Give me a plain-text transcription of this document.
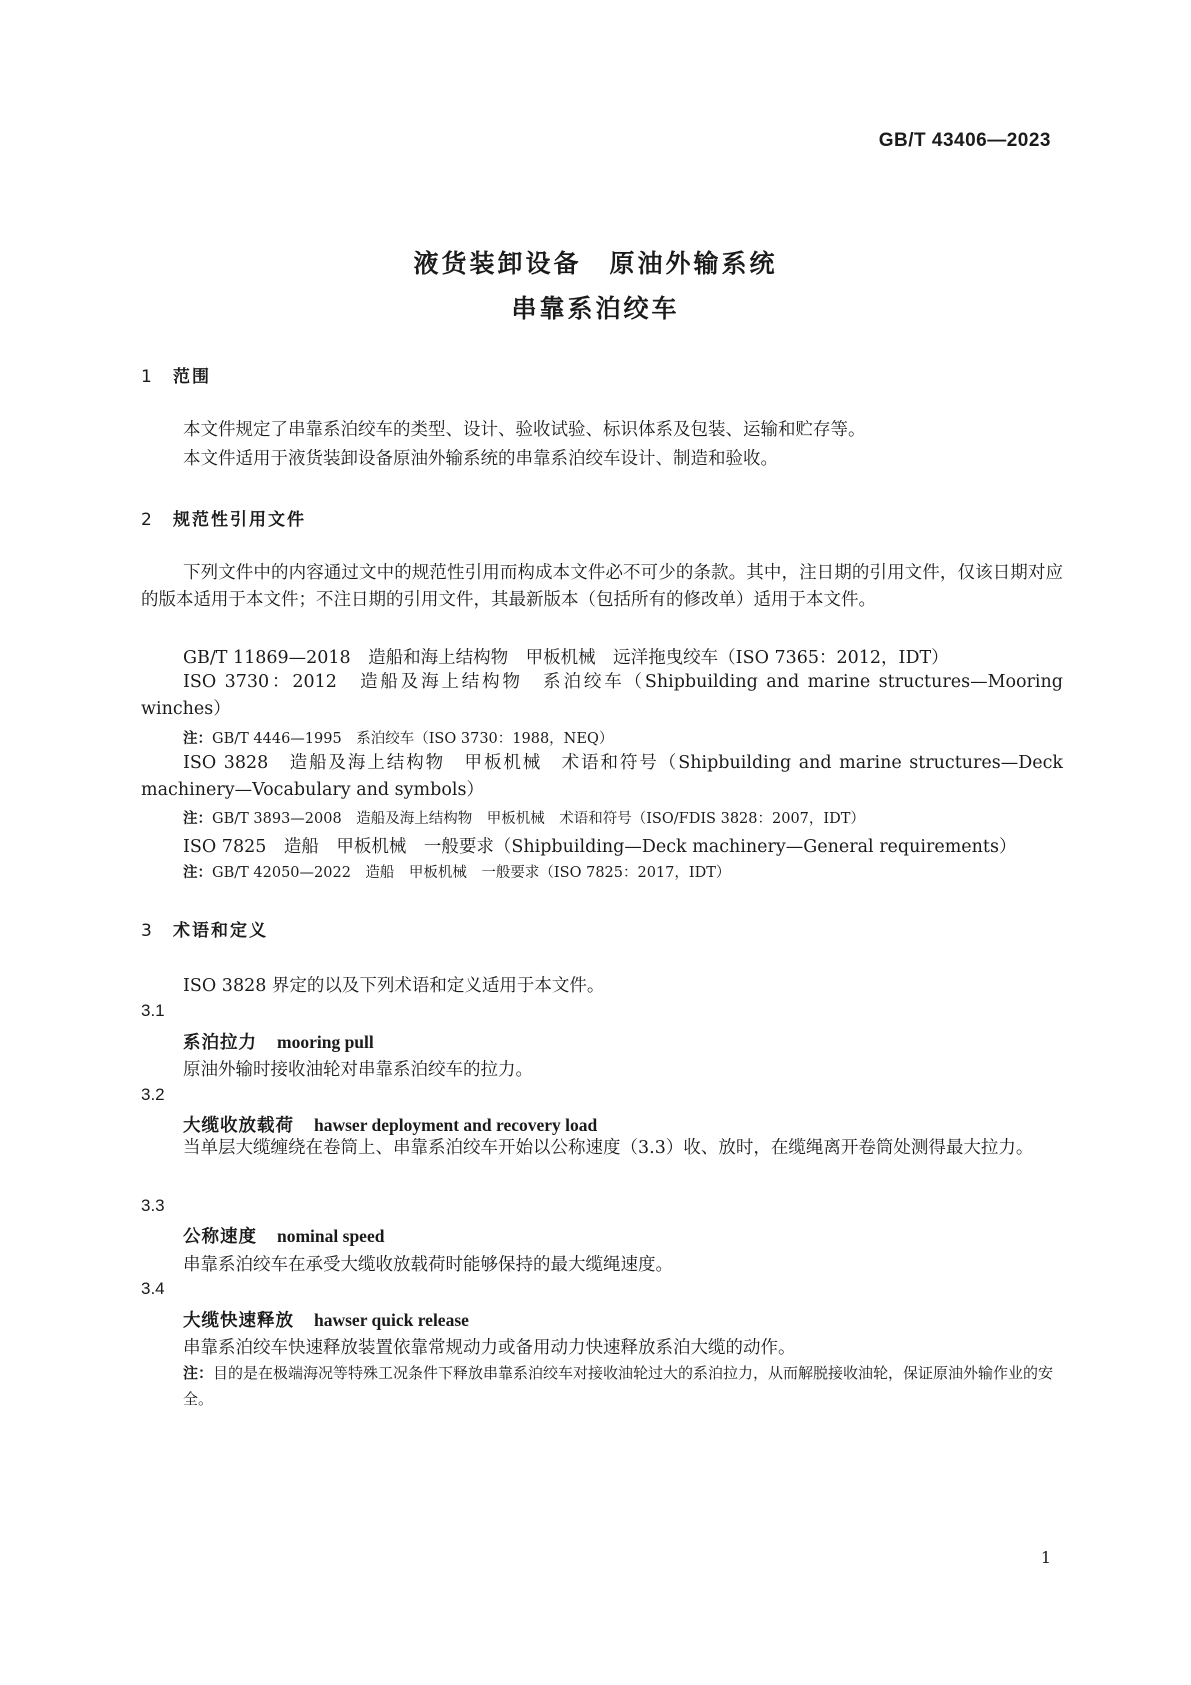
GB/T 43406—2023
液货装卸设备　原油外输系统
串靠系泊绞车
1 范围
本文件规定了串靠系泊绞车的类型、设计、验收试验、标识体系及包装、运输和贮存等。
本文件适用于液货装卸设备原油外输系统的串靠系泊绞车设计、制造和验收。
2 规范性引用文件
下列文件中的内容通过文中的规范性引用而构成本文件必不可少的条款。其中，注日期的引用文件，仅该日期对应的版本适用于本文件；不注日期的引用文件，其最新版本（包括所有的修改单）适用于本文件。
GB/T 11869—2018　造船和海上结构物　甲板机械　远洋拖曳绞车（ISO 7365：2012，IDT）
ISO 3730：2012　造船及海上结构物　系泊绞车（Shipbuilding and marine structures—Mooring winches）
注：GB/T 4446—1995　系泊绞车（ISO 3730：1988，NEQ）
ISO 3828　造船及海上结构物　甲板机械　术语和符号（Shipbuilding and marine structures—Deck machinery—Vocabulary and symbols）
注：GB/T 3893—2008　造船及海上结构物　甲板机械　术语和符号（ISO/FDIS 3828：2007，IDT）
ISO 7825　造船　甲板机械　一般要求（Shipbuilding—Deck machinery—General requirements）
注：GB/T 42050—2022　造船　甲板机械　一般要求（ISO 7825：2017，IDT）
3 术语和定义
ISO 3828 界定的以及下列术语和定义适用于本文件。
3.1
系泊拉力 mooring pull
原油外输时接收油轮对串靠系泊绞车的拉力。
3.2
大缆收放载荷 hawser deployment and recovery load
当单层大缆缠绕在卷筒上、串靠系泊绞车开始以公称速度（3.3）收、放时，在缆绳离开卷筒处测得最大拉力。
3.3
公称速度 nominal speed
串靠系泊绞车在承受大缆收放载荷时能够保持的最大缆绳速度。
3.4
大缆快速释放 hawser quick release
串靠系泊绞车快速释放装置依靠常规动力或备用动力快速释放系泊大缆的动作。
注：目的是在极端海况等特殊工况条件下释放串靠系泊绞车对接收油轮过大的系泊拉力，从而解脱接收油轮，保证原油外输作业的安全。
1
